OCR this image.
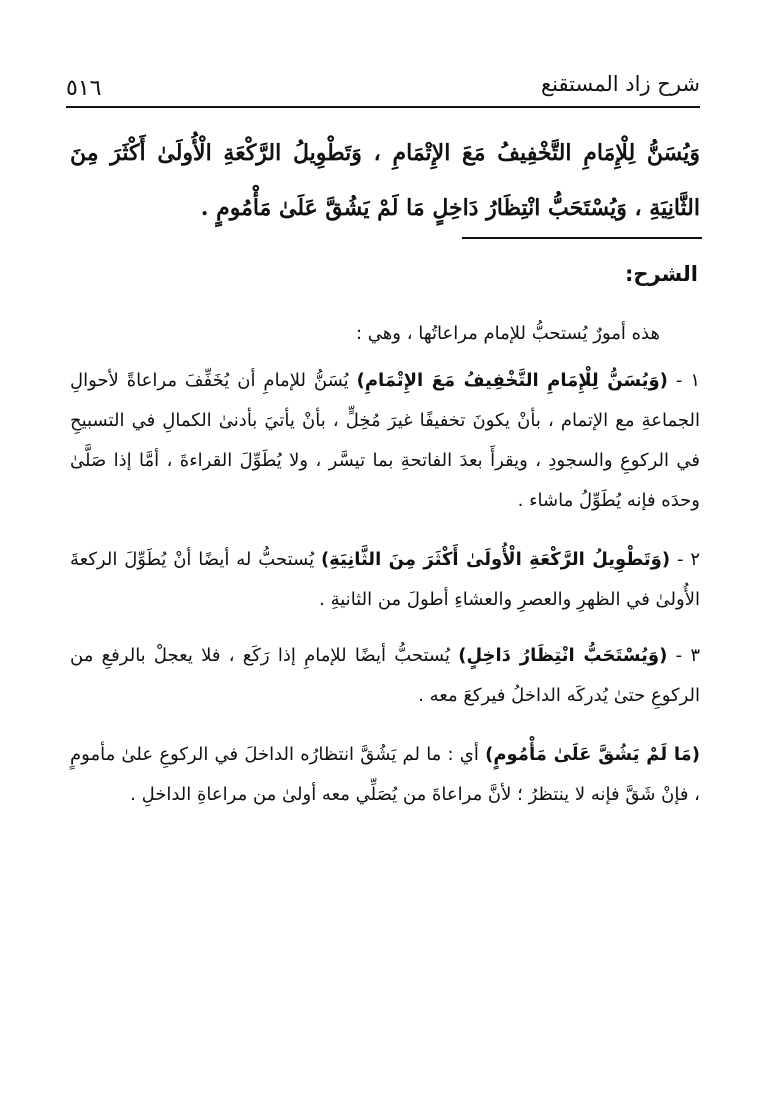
شرح زاد المستقنع
٥١٦
وَيُسَنُّ لِلْإِمَامِ التَّخْفِيفُ مَعَ الإِتْمَامِ ، وَتَطْوِيلُ الرَّكْعَةِ الْأُولَىٰ أَكْثَرَ مِنَ الثَّانِيَةِ ، وَيُسْتَحَبُّ انْتِظَارُ دَاخِلٍ مَا لَمْ يَشُقَّ عَلَىٰ مَأْمُومٍ .
الشرح:
هذه أمورٌ يُستحبُّ للإمام مراعاتُها ، وهي :
١ - (وَيُسَنُّ لِلْإِمَامِ التَّخْفِيفُ مَعَ الإِتْمَامِ) يُسَنُّ للإمامِ أن يُخَفِّفَ مراعاةً لأحوالِ الجماعةِ مع الإتمام ، بأنْ يكونَ تخفيفًا غيرَ مُخِلٍّ ، بأنْ يأتيَ بأدنىٰ الكمالِ في التسبيحِ في الركوعِ والسجودِ ، ويقرأَ بعدَ الفاتحةِ بما تيسَّر ، ولا يُطَوِّلَ القراءةَ ، أمَّا إذا صَلَّىٰ وحدَه فإنه يُطَوِّلُ ماشاء .
٢ - (وَتَطْوِيلُ الرَّكْعَةِ الْأُولَىٰ أَكْثَرَ مِنَ الثَّانِيَةِ) يُستحبُّ له أيضًا أنْ يُطَوِّلَ الركعةَ الأُولىٰ في الظهرِ والعصرِ والعشاءِ أطولَ من الثانيةِ .
٣ - (وَيُسْتَحَبُّ انْتِظَارُ دَاخِلٍ) يُستحبُّ أيضًا للإمامِ إذا رَكَع ، فلا يعجلْ بالرفعِ من الركوعِ حتىٰ يُدركَه الداخلُ فيركعَ معه .
(مَا لَمْ يَشُقَّ عَلَىٰ مَأْمُومٍ) أي : ما لم يَشُقَّ انتظارُه الداخلَ في الركوعِ علىٰ مأمومٍ ، فإنْ شَقَّ فإنه لا ينتظرُ ؛ لأنَّ مراعاةَ من يُصَلِّي معه أولىٰ من مراعاةِ الداخلِ .
